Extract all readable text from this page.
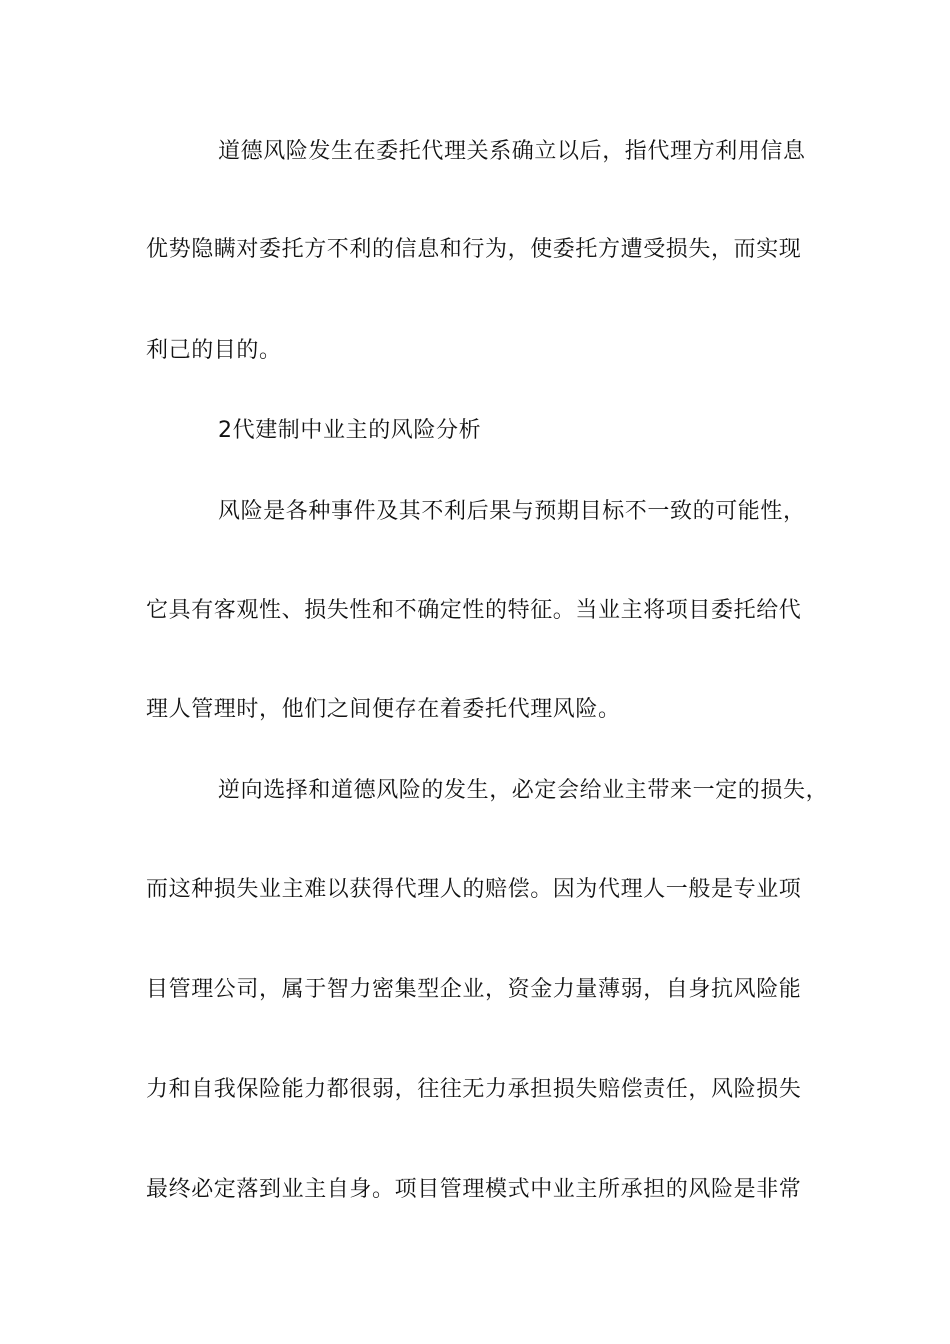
道德风险发生在委托代理关系确立以后，指代理方利用信息
优势隐瞒对委托方不利的信息和行为，使委托方遭受损失，而实现
利己的目的。
2代建制中业主的风险分析
风险是各种事件及其不利后果与预期目标不一致的可能性，
它具有客观性、损失性和不确定性的特征。当业主将项目委托给代
理人管理时，他们之间便存在着委托代理风险。
逆向选择和道德风险的发生，必定会给业主带来一定的损失，
而这种损失业主难以获得代理人的赔偿。因为代理人一般是专业项
目管理公司，属于智力密集型企业，资金力量薄弱，自身抗风险能
力和自我保险能力都很弱，往往无力承担损失赔偿责任，风险损失
最终必定落到业主自身。项目管理模式中业主所承担的风险是非常
